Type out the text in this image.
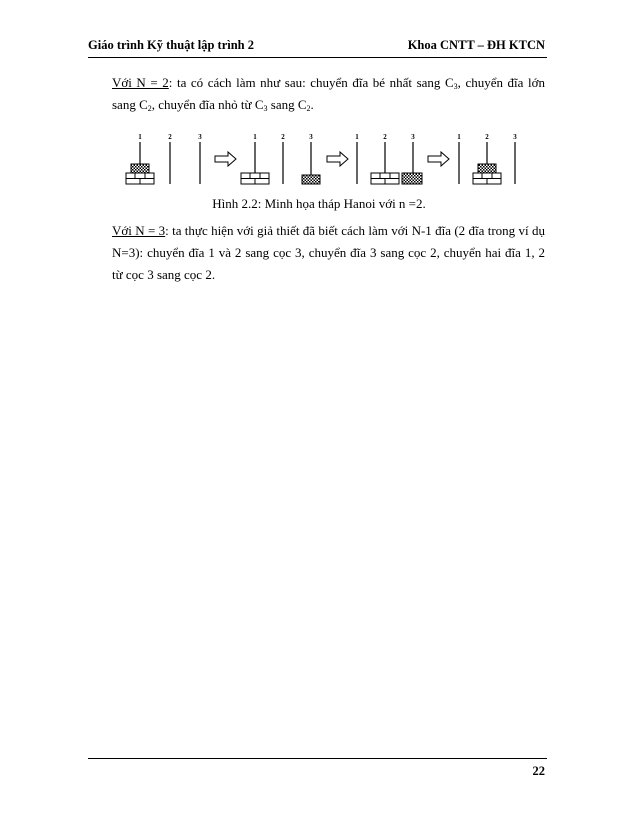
Giáo trình Kỹ thuật lập trình 2	Khoa CNTT – ĐH KTCN
Với N = 2: ta có cách làm như sau: chuyển đĩa bé nhất sang $C_3$, chuyển đĩa lớn sang $C_2$, chuyển đĩa nhỏ từ $C_3$ sang $C_2$.
1	2	3	1	2	3	1	2	3	1	2	3
Hình 2.2: Minh họa tháp Hanoi với n =2.
Với N = 3: ta thực hiện với giả thiết đã biết cách làm với N-1 đĩa (2 đĩa trong ví dụ N=3): chuyển đĩa 1 và 2 sang cọc 3, chuyển đĩa 3 sang cọc 2, chuyển hai đĩa 1, 2 từ cọc 3 sang cọc 2.
22
